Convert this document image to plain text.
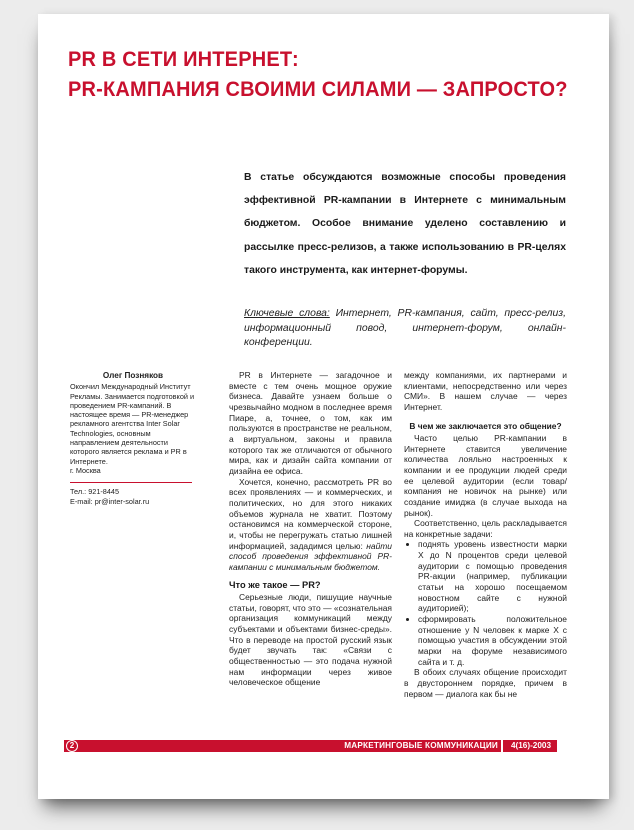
PR В СЕТИ ИНТЕРНЕТ:
PR-КАМПАНИЯ СВОИМИ СИЛАМИ — ЗАПРОСТО?

В статье обсуждаются возможные способы проведения эффективной PR-кампании в Интернете с минимальным бюджетом. Особое внимание уделено составлению и рассылке пресс-релизов, а также использованию в PR-целях такого инструмента, как интернет-форумы.

Ключевые слова: Интернет, PR-кампания, сайт, пресс-релиз, информационный повод, интернет-форум, онлайн-конференции.

Олег Позняков

Окончил Международный Институт Рекламы. Занимается подготовкой и проведением PR-кампаний. В настоящее время — PR-менеджер рекламного агентства Inter Solar Technologies, основным направлением деятельности которого является реклама и PR в Интернете.

г. Москва

Тел.: 921-8445

E-mail: pr@inter-solar.ru

PR в Интернете — загадочное и вместе с тем очень мощное оружие бизнеса. Давайте узнаем больше о чрезвычайно модном в последнее время Пиаре, а, точнее, о том, как им пользуются в пространстве не реальном, а виртуальном, законы и правила которого так же отличаются от обычного мира, как и дизайн сайта компании от дизайна ее офиса.

Хочется, конечно, рассмотреть PR во всех проявлениях — и коммерческих, и политических, но для этого никаких объемов журнала не хватит. Поэтому остановимся на коммерческой стороне, и, чтобы не перегружать статью лишней информацией, зададимся целью: найти способ проведения эффективной PR-кампании с минимальным бюджетом.

Что же такое — PR?

Серьезные люди, пишущие научные статьи, говорят, что это — «сознательная организация коммуникаций между субъектами и объектами бизнес-среды». Что в переводе на простой русский язык будет звучать так: «Связи с общественностью — это подача нужной нам информации через живое человеческое общение

между компаниями, их партнерами и клиентами, непосредственно или через СМИ». В нашем случае — через Интернет.

В чем же заключается это общение?

Часто целью PR-кампании в Интернете ставится увеличение количества лояльно настроенных к компании и ее продукции людей среди ее целевой аудитории (если товар/компания не новичок на рынке) или создание имиджа (в случае выхода на рынок).

Соответственно, цель раскладывается на конкретные задачи:

• поднять уровень известности марки X до N процентов среди целевой аудитории с помощью проведения PR-акции (например, публикации статьи на хорошо посещаемом новостном сайте с нужной аудиторией);
• сформировать положительное отношение у N человек к марке X с помощью участия в обсуждении этой марки на форуме независимого сайта и т. д.

В обоих случаях общение происходит в двустороннем порядке, причем в первом — диалога как бы не

2	МАРКЕТИНГОВЫЕ КОММУНИКАЦИИ	4(16)-2003
